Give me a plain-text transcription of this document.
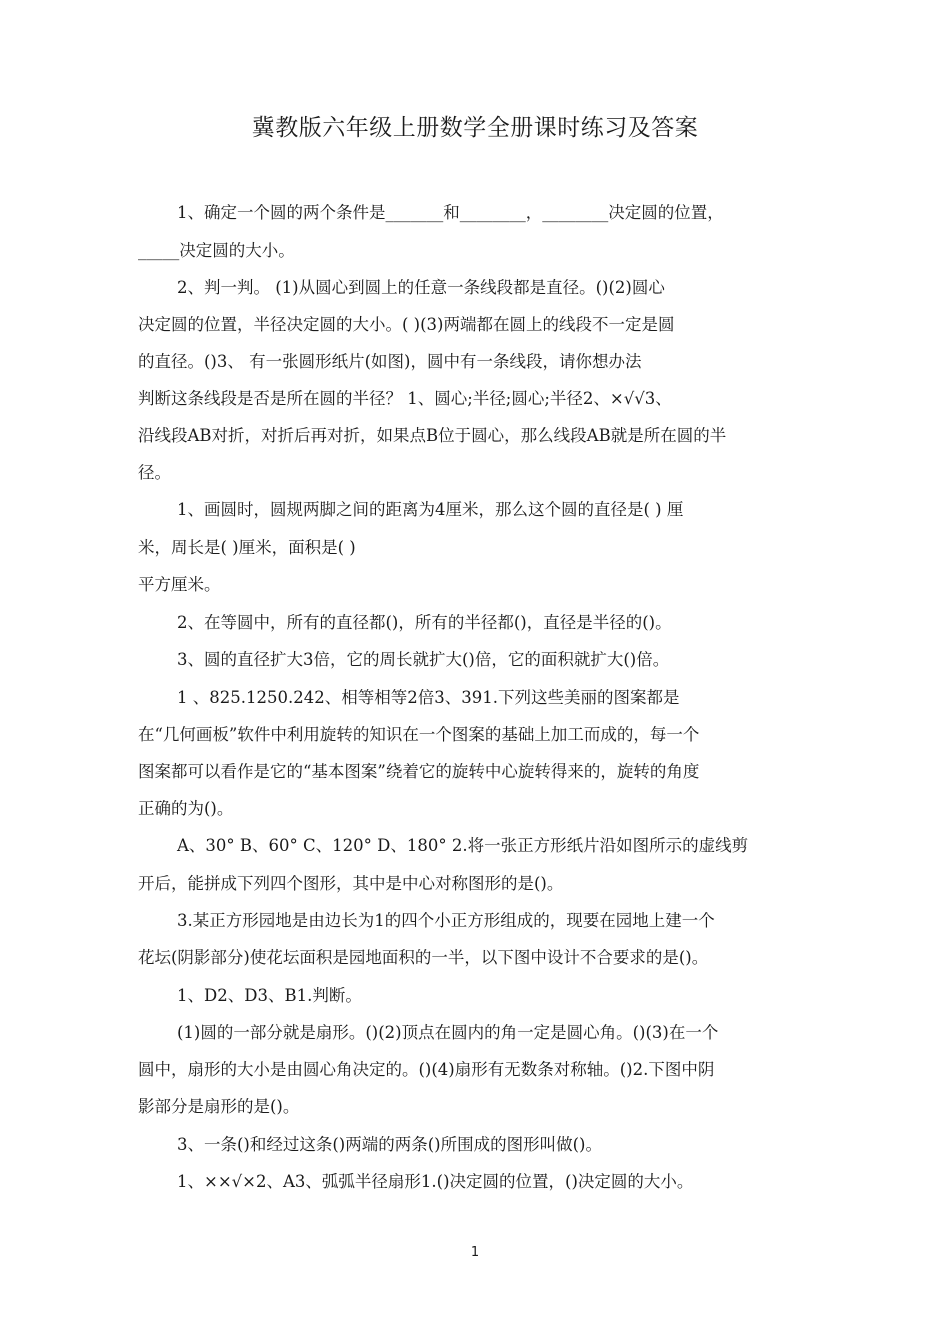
冀教版六年级上册数学全册课时练习及答案
1、确定一个圆的两个条件是_______和________，________决定圆的位置，
_____决定圆的大小。
2、判一判。 (1)从圆心到圆上的任意一条线段都是直径。()(2)圆心
决定圆的位置，半径决定圆的大小。( )(3)两端都在圆上的线段不一定是圆
的直径。()3、 有一张圆形纸片(如图)，圆中有一条线段，请你想办法
判断这条线段是否是所在圆的半径？ 1、圆心;半径;圆心;半径2、×√√3、
沿线段AB对折，对折后再对折，如果点B位于圆心，那么线段AB就是所在圆的半
径。
1、画圆时，圆规两脚之间的距离为4厘米，那么这个圆的直径是( ) 厘
米，周长是( )厘米，面积是( )
平方厘米。
2、在等圆中，所有的直径都()，所有的半径都()，直径是半径的()。
3、圆的直径扩大3倍，它的周长就扩大()倍，它的面积就扩大()倍。
1 、825.1250.242、相等相等2倍3、391.下列这些美丽的图案都是
在“几何画板”软件中利用旋转的知识在一个图案的基础上加工而成的，每一个
图案都可以看作是它的“基本图案”绕着它的旋转中心旋转得来的，旋转的角度
正确的为()。
A、30° B、60° C、120° D、180° 2.将一张正方形纸片沿如图所示的虚线剪
开后，能拼成下列四个图形，其中是中心对称图形的是()。
3.某正方形园地是由边长为1的四个小正方形组成的，现要在园地上建一个
花坛(阴影部分)使花坛面积是园地面积的一半，以下图中设计不合要求的是()。
1、D2、D3、B1.判断。
(1)圆的一部分就是扇形。()(2)顶点在圆内的角一定是圆心角。()(3)在一个
圆中，扇形的大小是由圆心角决定的。()(4)扇形有无数条对称轴。()2.下图中阴
影部分是扇形的是()。
3、一条()和经过这条()两端的两条()所围成的图形叫做()。
1、××√×2、A3、弧弧半径扇形1.()决定圆的位置，()决定圆的大小。
1
